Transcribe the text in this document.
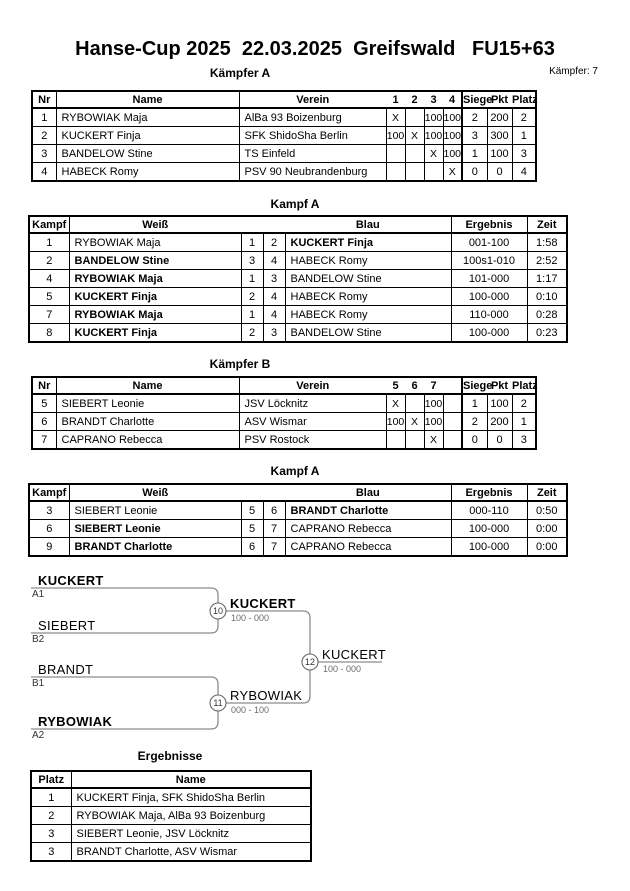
Hanse-Cup 2025  22.03.2025  Greifswald   FU15+63
Kämpfer: 7
Kämpfer A
Nr	Name	Verein	1	2	3	4	Siege	Pkt	Platz
1	RYBOWIAK Maja	AlBa 93 Boizenburg	X		100	100	2	200	2
2	KUCKERT Finja	SFK ShidoSha Berlin	100	X	100	100	3	300	1
3	BANDELOW Stine	TS Einfeld			X	100	1	100	3
4	HABECK Romy	PSV 90 Neubrandenburg				X	0	0	4
Kampf A
Kampf	Weiß			Blau	Ergebnis	Zeit
1	RYBOWIAK Maja	1	2	KUCKERT Finja	001-100	1:58
2	BANDELOW Stine	3	4	HABECK Romy	100s1-010	2:52
4	RYBOWIAK Maja	1	3	BANDELOW Stine	101-000	1:17
5	KUCKERT Finja	2	4	HABECK Romy	100-000	0:10
7	RYBOWIAK Maja	1	4	HABECK Romy	110-000	0:28
8	KUCKERT Finja	2	3	BANDELOW Stine	100-000	0:23
Kämpfer B
Nr	Name	Verein	5	6	7		Siege	Pkt	Platz
5	SIEBERT Leonie	JSV Löcknitz	X		100		1	100	2
6	BRANDT Charlotte	ASV Wismar	100	X	100		2	200	1
7	CAPRANO Rebecca	PSV Rostock			X		0	0	3
Kampf A
Kampf	Weiß			Blau	Ergebnis	Zeit
3	SIEBERT Leonie	5	6	BRANDT Charlotte	000-110	0:50
6	SIEBERT Leonie	5	7	CAPRANO Rebecca	100-000	0:00
9	BRANDT Charlotte	6	7	CAPRANO Rebecca	100-000	0:00
10
11
12
KUCKERT
A1
SIEBERT
B2
BRANDT
B1
RYBOWIAK
A2
KUCKERT
100 - 000
RYBOWIAK
000 - 100
KUCKERT
100 - 000
Ergebnisse
Platz	Name
1	KUCKERT Finja, SFK ShidoSha Berlin
2	RYBOWIAK Maja, AlBa 93 Boizenburg
3	SIEBERT Leonie, JSV Löcknitz
3	BRANDT Charlotte, ASV Wismar
